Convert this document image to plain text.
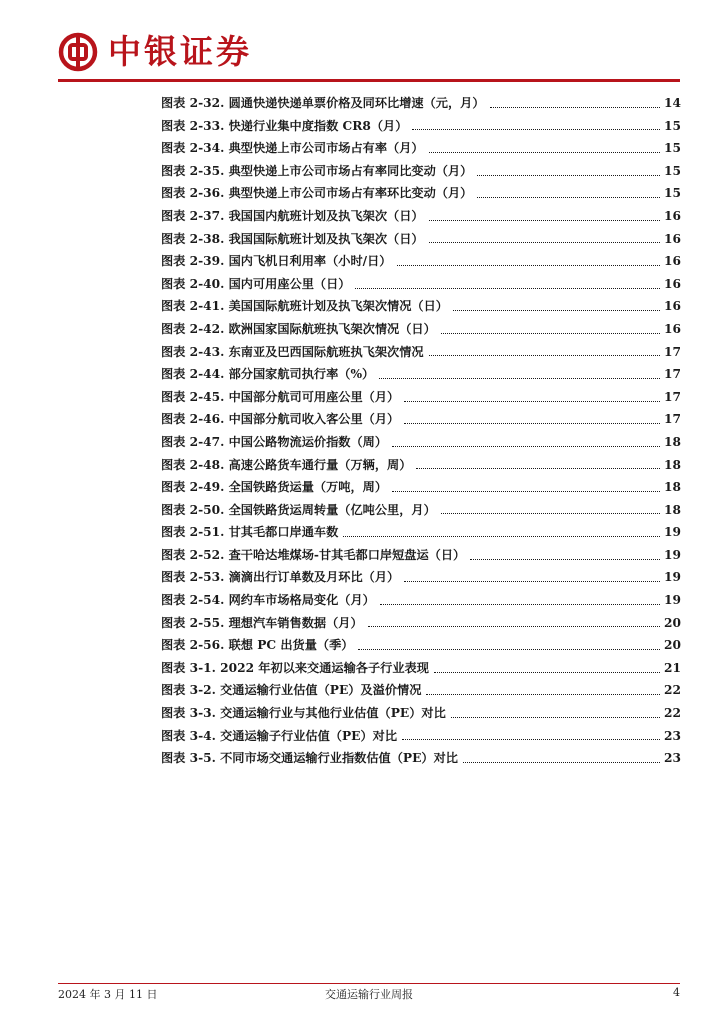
中银证券
图表 2-32. 圆通快递快递单票价格及同环比增速（元，月）	14
图表 2-33. 快递行业集中度指数 CR8（月）	15
图表 2-34. 典型快递上市公司市场占有率（月）	15
图表 2-35. 典型快递上市公司市场占有率同比变动（月）	15
图表 2-36. 典型快递上市公司市场占有率环比变动（月）	15
图表 2-37. 我国国内航班计划及执飞架次（日）	16
图表 2-38. 我国国际航班计划及执飞架次（日）	16
图表 2-39. 国内飞机日利用率（小时/日）	16
图表 2-40. 国内可用座公里（日）	16
图表 2-41. 美国国际航班计划及执飞架次情况（日）	16
图表 2-42. 欧洲国家国际航班执飞架次情况（日）	16
图表 2-43. 东南亚及巴西国际航班执飞架次情况	17
图表 2-44. 部分国家航司执行率（%）	17
图表 2-45. 中国部分航司可用座公里（月）	17
图表 2-46. 中国部分航司收入客公里（月）	17
图表 2-47. 中国公路物流运价指数（周）	18
图表 2-48. 高速公路货车通行量（万辆，周）	18
图表 2-49. 全国铁路货运量（万吨，周）	18
图表 2-50. 全国铁路货运周转量（亿吨公里，月）	18
图表 2-51. 甘其毛都口岸通车数	19
图表 2-52. 查干哈达堆煤场-甘其毛都口岸短盘运（日）	19
图表 2-53. 滴滴出行订单数及月环比（月）	19
图表 2-54. 网约车市场格局变化（月）	19
图表 2-55. 理想汽车销售数据（月）	20
图表 2-56. 联想 PC 出货量（季）	20
图表 3-1. 2022 年初以来交通运输各子行业表现	21
图表 3-2. 交通运输行业估值（PE）及溢价情况	22
图表 3-3. 交通运输行业与其他行业估值（PE）对比	22
图表 3-4. 交通运输子行业估值（PE）对比	23
图表 3-5. 不同市场交通运输行业指数估值（PE）对比	23
2024 年 3 月 11 日	交通运输行业周报	4
